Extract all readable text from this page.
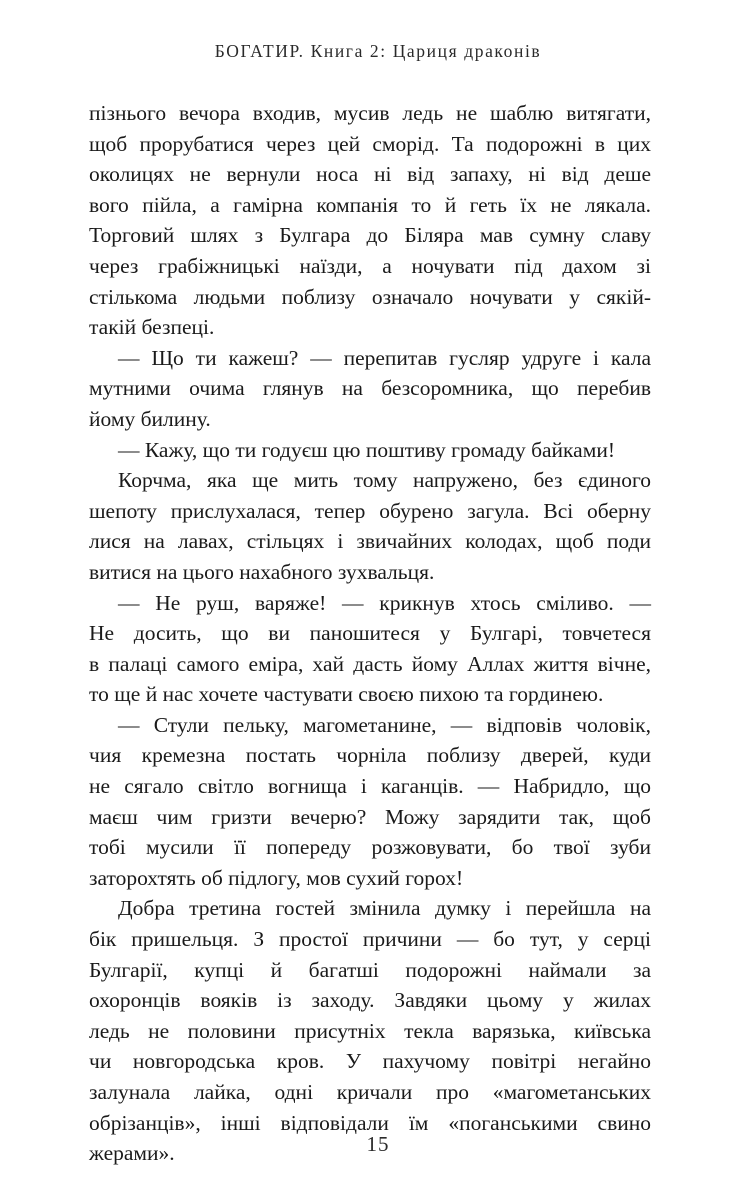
БОГАТИР. Книга 2: Цариця драконів
пізнього вечора входив, мусив ледь не шаблю витягати,
щоб прорубатися через цей сморід. Та подорожні в цих
околицях не вернули носа ні від запаху, ні від деше
вого пійла, а гамірна компанія то й геть їх не лякала.
Торговий шлях з Булгара до Біляра мав сумну славу
через грабіжницькі наїзди, а ночувати під дахом зі
стількома людьми поблизу означало ночувати у сякій-
такій безпеці.
— Що ти кажеш? — перепитав гусляр удруге і кала
мутними очима глянув на безсоромника, що перебив
йому билину.
— Кажу, що ти годуєш цю поштиву громаду байками!
Корчма, яка ще мить тому напружено, без єдиного
шепоту прислухалася, тепер обурено загула. Всі оберну
лися на лавах, стільцях і звичайних колодах, щоб поди
витися на цього нахабного зухвальця.
— Не руш, варяже! — крикнув хтось сміливо. —
Не досить, що ви паношитеся у Булгарі, товчетеся
в палаці самого еміра, хай дасть йому Аллах життя вічне,
то ще й нас хочете частувати своєю пихою та гординею.
— Стули пельку, магометанине, — відповів чоловік,
чия кремезна постать чорніла поблизу дверей, куди
не сягало світло вогнища і каганців. — Набридло, що
маєш чим гризти вечерю? Можу зарядити так, щоб
тобі мусили її попереду розжовувати, бо твої зуби
заторохтять об підлогу, мов сухий горох!
Добра третина гостей змінила думку і перейшла на
бік пришельця. З простої причини — бо тут, у серці
Булгарії, купці й багатші подорожні наймали за
охоронців вояків із заходу. Завдяки цьому у жилах
ледь не половини присутніх текла варязька, київська
чи новгородська кров. У пахучому повітрі негайно
залунала лайка, одні кричали про «магометанських
обрізанців», інші відповідали їм «поганськими свино
жерами».	15
